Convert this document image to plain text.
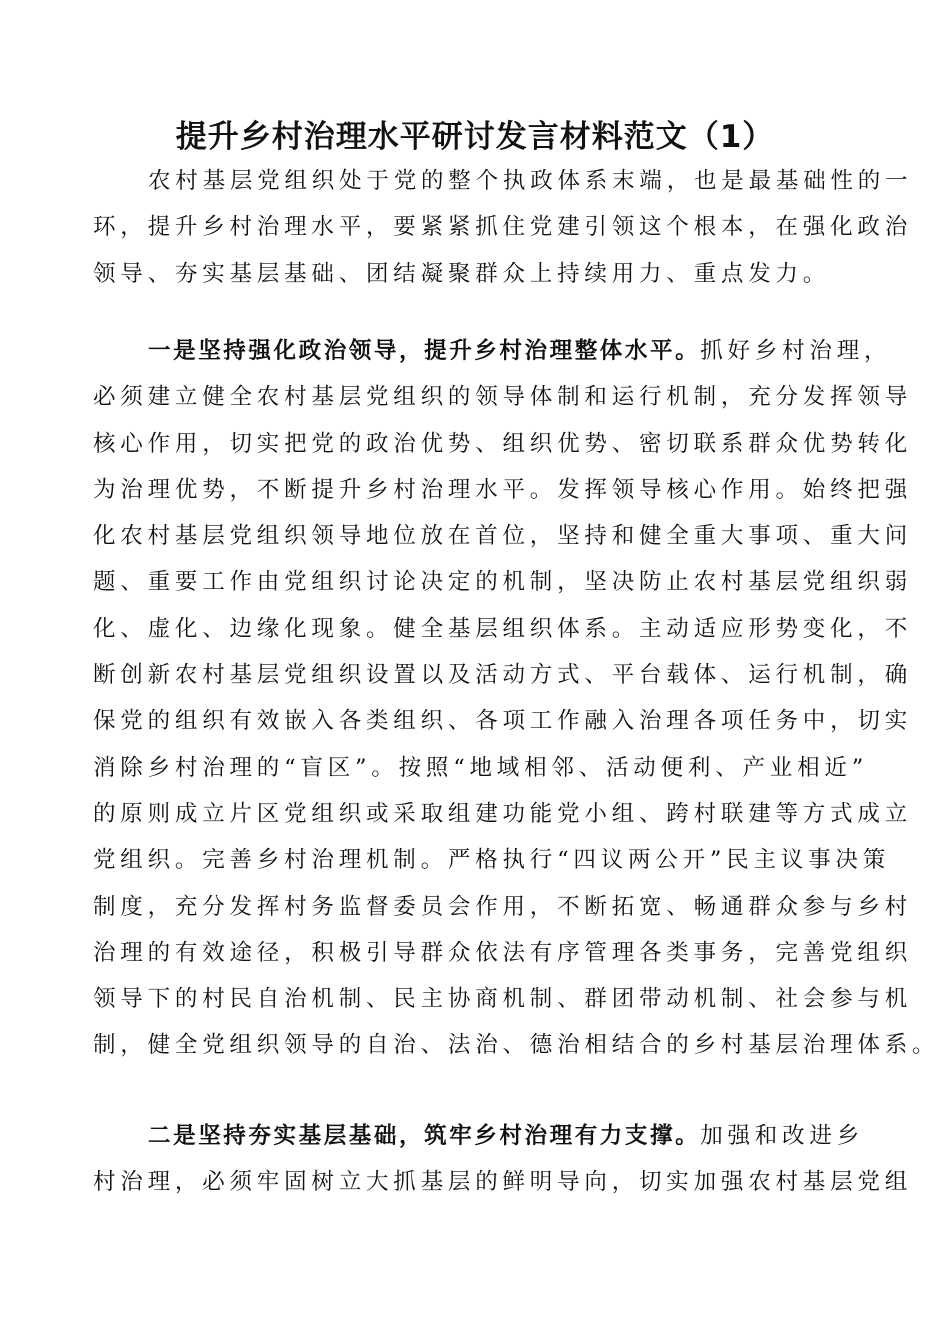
提升乡村治理水平研讨发言材料范文（1）
农村基层党组织处于党的整个执政体系末端，也是最基础性的一
环，提升乡村治理水平，要紧紧抓住党建引领这个根本，在强化政治
领导、夯实基层基础、团结凝聚群众上持续用力、重点发力。
一是坚持强化政治领导，提升乡村治理整体水平。抓好乡村治理，
必须建立健全农村基层党组织的领导体制和运行机制，充分发挥领导
核心作用，切实把党的政治优势、组织优势、密切联系群众优势转化
为治理优势，不断提升乡村治理水平。发挥领导核心作用。始终把强
化农村基层党组织领导地位放在首位，坚持和健全重大事项、重大问
题、重要工作由党组织讨论决定的机制，坚决防止农村基层党组织弱
化、虚化、边缘化现象。健全基层组织体系。主动适应形势变化，不
断创新农村基层党组织设置以及活动方式、平台载体、运行机制，确
保党的组织有效嵌入各类组织、各项工作融入治理各项任务中，切实
消除乡村治理的“盲区”。按照“地域相邻、活动便利、产业相近”
的原则成立片区党组织或采取组建功能党小组、跨村联建等方式成立
党组织。完善乡村治理机制。严格执行“四议两公开”民主议事决策
制度，充分发挥村务监督委员会作用，不断拓宽、畅通群众参与乡村
治理的有效途径，积极引导群众依法有序管理各类事务，完善党组织
领导下的村民自治机制、民主协商机制、群团带动机制、社会参与机
制，健全党组织领导的自治、法治、德治相结合的乡村基层治理体系。
二是坚持夯实基层基础，筑牢乡村治理有力支撑。加强和改进乡
村治理，必须牢固树立大抓基层的鲜明导向，切实加强农村基层党组
